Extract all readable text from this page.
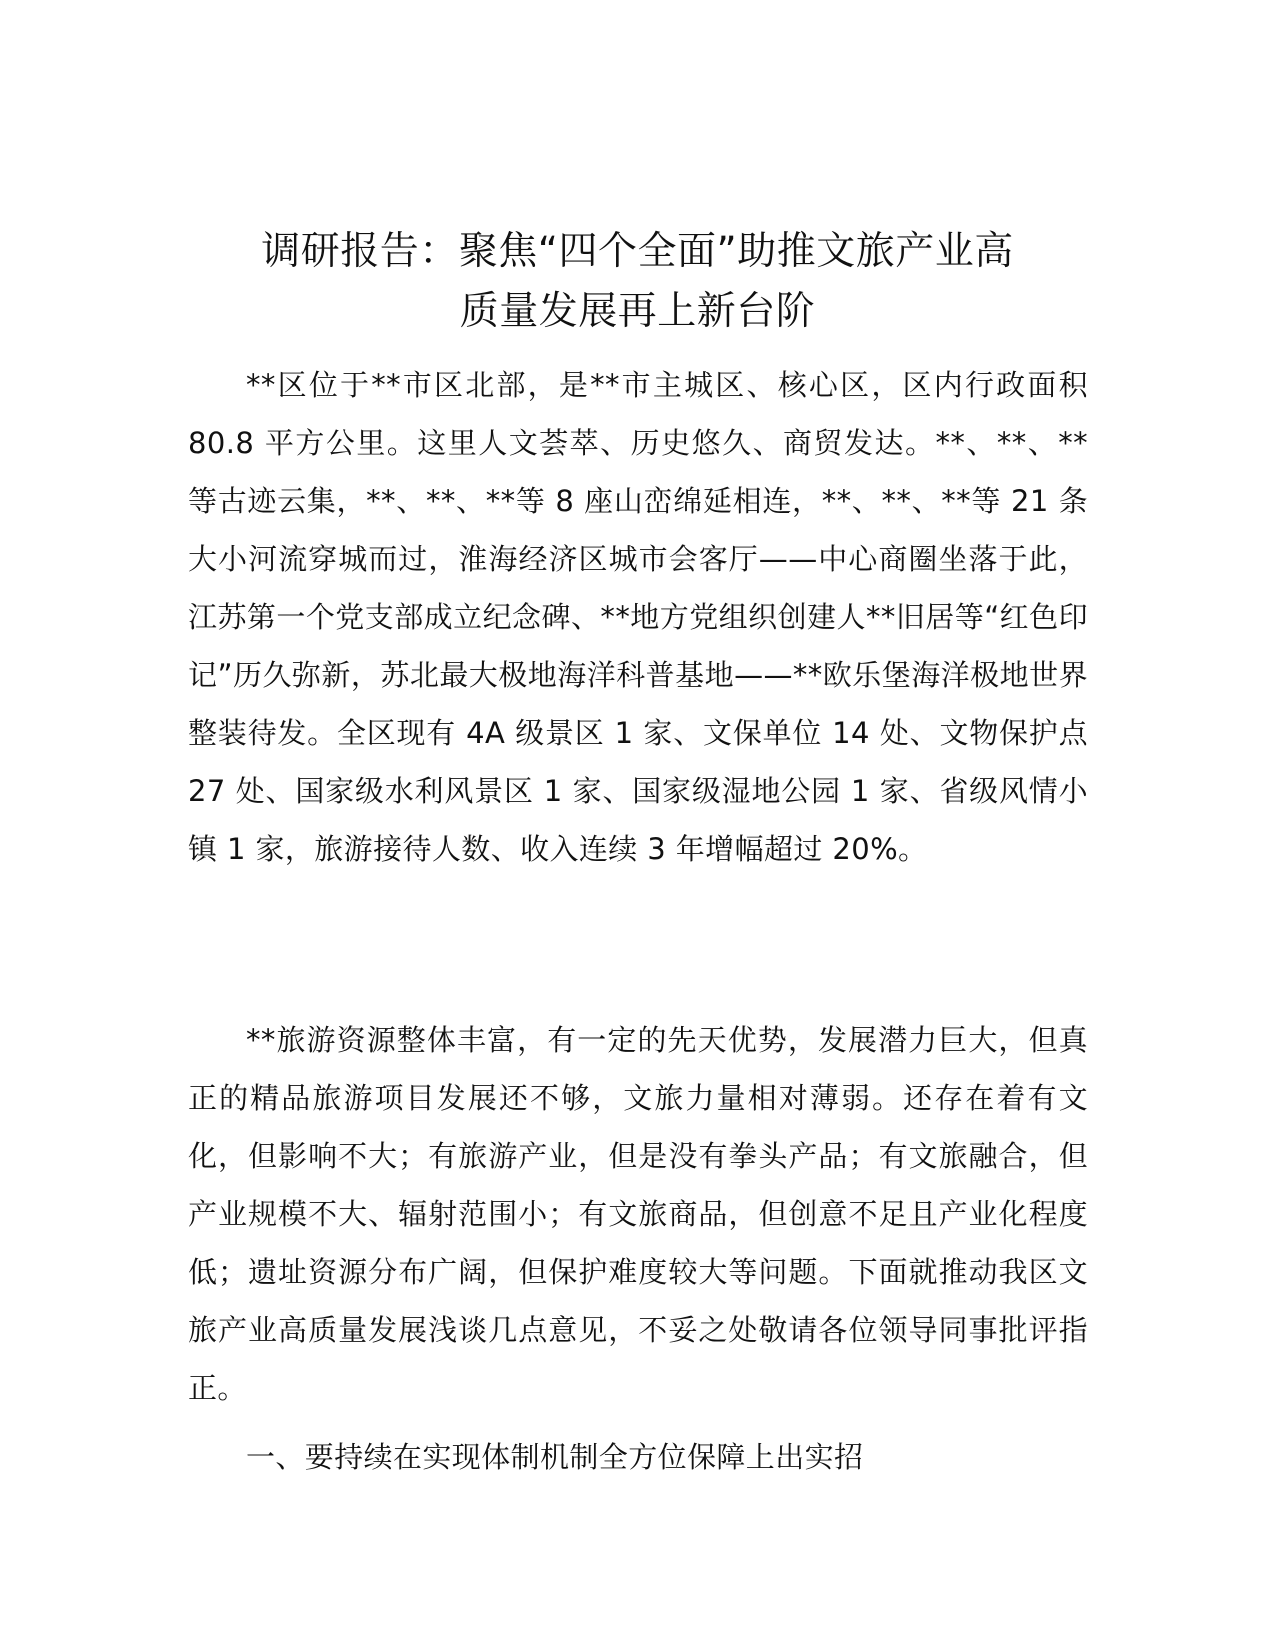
调研报告：聚焦“四个全面”助推文旅产业高
质量发展再上新台阶

**区位于**市区北部，是**市主城区、核心区，区内行政面积 80.8 平方公里。这里人文荟萃、历史悠久、商贸发达。**、**、**等古迹云集，**、**、**等 8 座山峦绵延相连，**、**、**等 21 条大小河流穿城而过，淮海经济区城市会客厅——中心商圈坐落于此，江苏第一个党支部成立纪念碑、**地方党组织创建人**旧居等“红色印记”历久弥新，苏北最大极地海洋科普基地——**欧乐堡海洋极地世界整装待发。全区现有 4A 级景区 1 家、文保单位 14 处、文物保护点 27 处、国家级水利风景区 1 家、国家级湿地公园 1 家、省级风情小镇 1 家，旅游接待人数、收入连续 3 年增幅超过 20%。

**旅游资源整体丰富，有一定的先天优势，发展潜力巨大，但真正的精品旅游项目发展还不够，文旅力量相对薄弱。还存在着有文化，但影响不大；有旅游产业，但是没有拳头产品；有文旅融合，但产业规模不大、辐射范围小；有文旅商品，但创意不足且产业化程度低；遗址资源分布广阔，但保护难度较大等问题。下面就推动我区文旅产业高质量发展浅谈几点意见，不妥之处敬请各位领导同事批评指正。

一、要持续在实现体制机制全方位保障上出实招
